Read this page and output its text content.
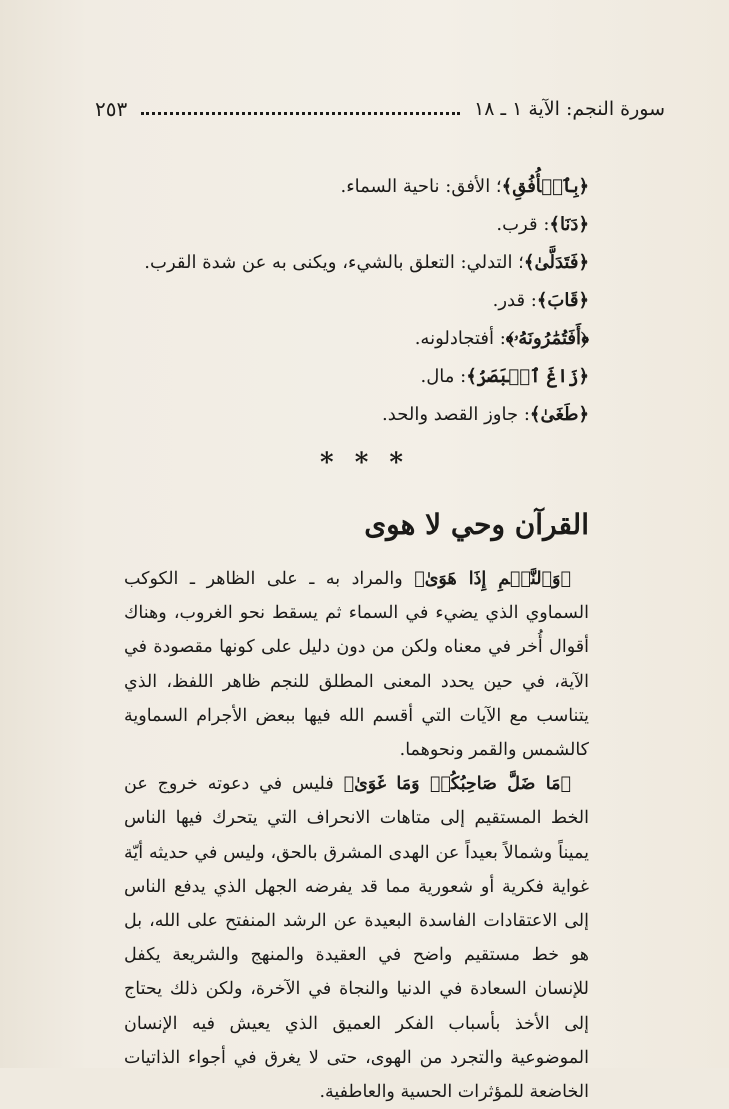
سورة النجم: الآية ١ ـ ١٨
٢٥٣
﴿بِٱلۡأُفُقِ﴾؛ الأفق: ناحية السماء.
﴿دَنَا﴾: قرب.
﴿فَتَدَلَّىٰ﴾؛ التدلي: التعلق بالشيء، ويكنى به عن شدة القرب.
﴿قَابَ﴾: قدر.
﴿أَفَتُمَٰرُونَهُۥ﴾: أفتجادلونه.
﴿زَاغَ ٱلۡبَصَرُ﴾: مال.
﴿طَغَىٰ﴾: جاوز القصد والحد.
* * *
القرآن وحي لا هوى

﴿وَٱلنَّجۡمِ إِذَا هَوَىٰ﴾ والمراد به ـ على الظاهر ـ الكوكب السماوي الذي يضيء في السماء ثم يسقط نحو الغروب، وهناك أقوال أُخر في معناه ولكن من دون دليل على كونها مقصودة في الآية، في حين يحدد المعنى المطلق للنجم ظاهر اللفظ، الذي يتناسب مع الآيات التي أقسم الله فيها ببعض الأجرام السماوية كالشمس والقمر ونحوهما.

﴿مَا ضَلَّ صَاحِبُكُمۡ وَمَا غَوَىٰ﴾ فليس في دعوته خروج عن الخط المستقيم إلى متاهات الانحراف التي يتحرك فيها الناس يميناً وشمالاً بعيداً عن الهدى المشرق بالحق، وليس في حديثه أيّة غواية فكرية أو شعورية مما قد يفرضه الجهل الذي يدفع الناس إلى الاعتقادات الفاسدة البعيدة عن الرشد المنفتح على الله، بل هو خط مستقيم واضح في العقيدة والمنهج والشريعة يكفل للإنسان السعادة في الدنيا والنجاة في الآخرة، ولكن ذلك يحتاج إلى الأخذ بأسباب الفكر العميق الذي يعيش فيه الإنسان الموضوعية والتجرد من الهوى، حتى لا يغرق في أجواء الذاتيات الخاضعة للمؤثرات الحسية والعاطفية.
